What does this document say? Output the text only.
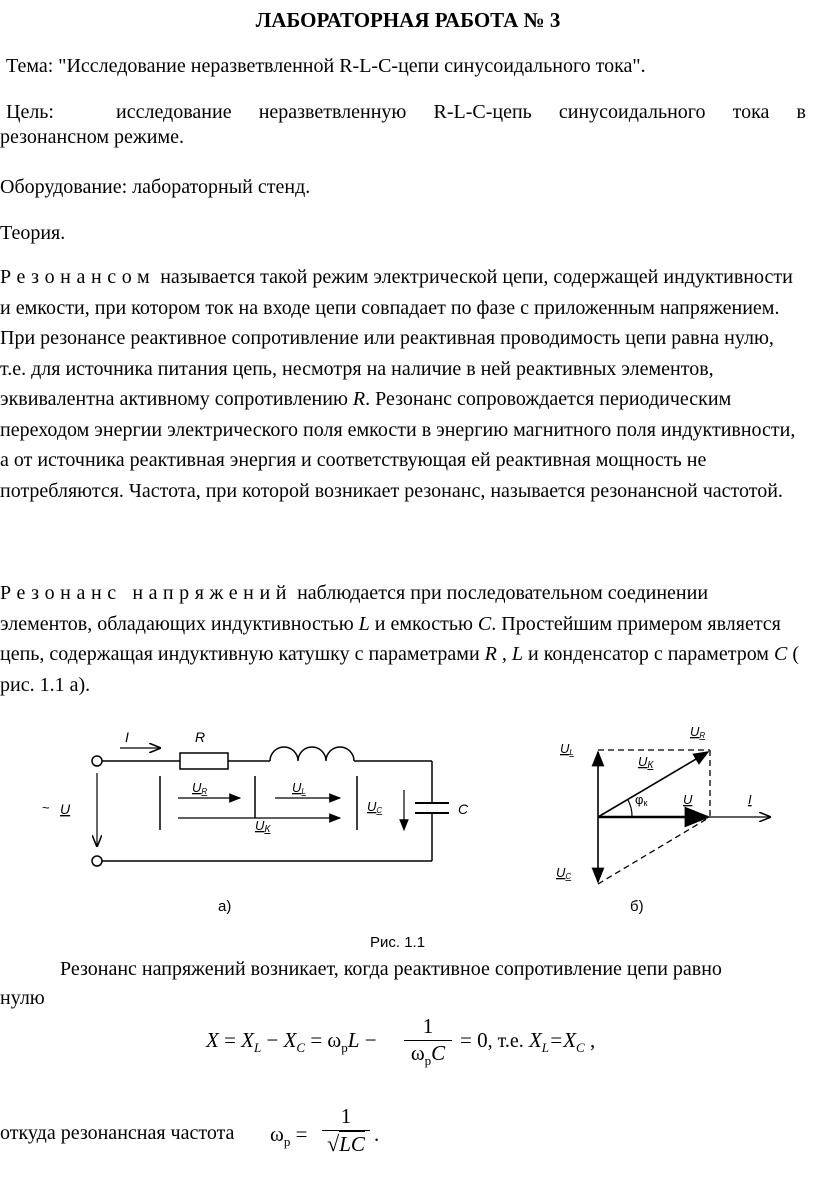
ЛАБОРАТОРНАЯ РАБОТА № 3
Тема: "Исследование неразветвленной R-L-C-цепи синусоидального тока".
Цель:	исследование неразветвленную R-L-C-цепь синусоидального тока в
резонансном режиме.
Оборудование: лабораторный стенд.
Теория.
Резонансом называется такой режим электрической цепи, содержащей индуктивности и емкости, при котором ток на входе цепи совпадает по фазе с приложенным напряжением. При резонансе реактивное сопротивление или реактивная проводимость цепи равна нулю, т.е. для источника питания цепь, несмотря на наличие в ней реактивных элементов, эквивалентна активному сопротивлению R. Резонанс сопровождается периодическим переходом энергии электрического поля емкости в энергию магнитного поля индуктивности, а от источника реактивная энергия и соответствующая ей реактивная мощность не потребляются. Частота, при которой возникает резонанс, называется резонансной частотой.
Резонанс напряжений наблюдается при последовательном соединении элементов, обладающих индуктивностью L и емкостью C. Простейшим примером является цепь, содержащая индуктивную катушку с параметрами R , L и конденсатор с параметром C ( рис. 1.1 а).
I	R
~ U
UR	UL
UК
UC	C
UR
UL
UК
φк	U	I
UC
а)	б)
Рис. 1.1
Резонанс напряжений возникает, когда реактивное сопротивление цепи равно
нулю
$X = X_L - X_C = \omega_рL$ −
1
$\omega_рC$
= 0, т.е. $X_L=X_C$ ,
откуда резонансная частота $\omega_р$ =
1
√LC .
